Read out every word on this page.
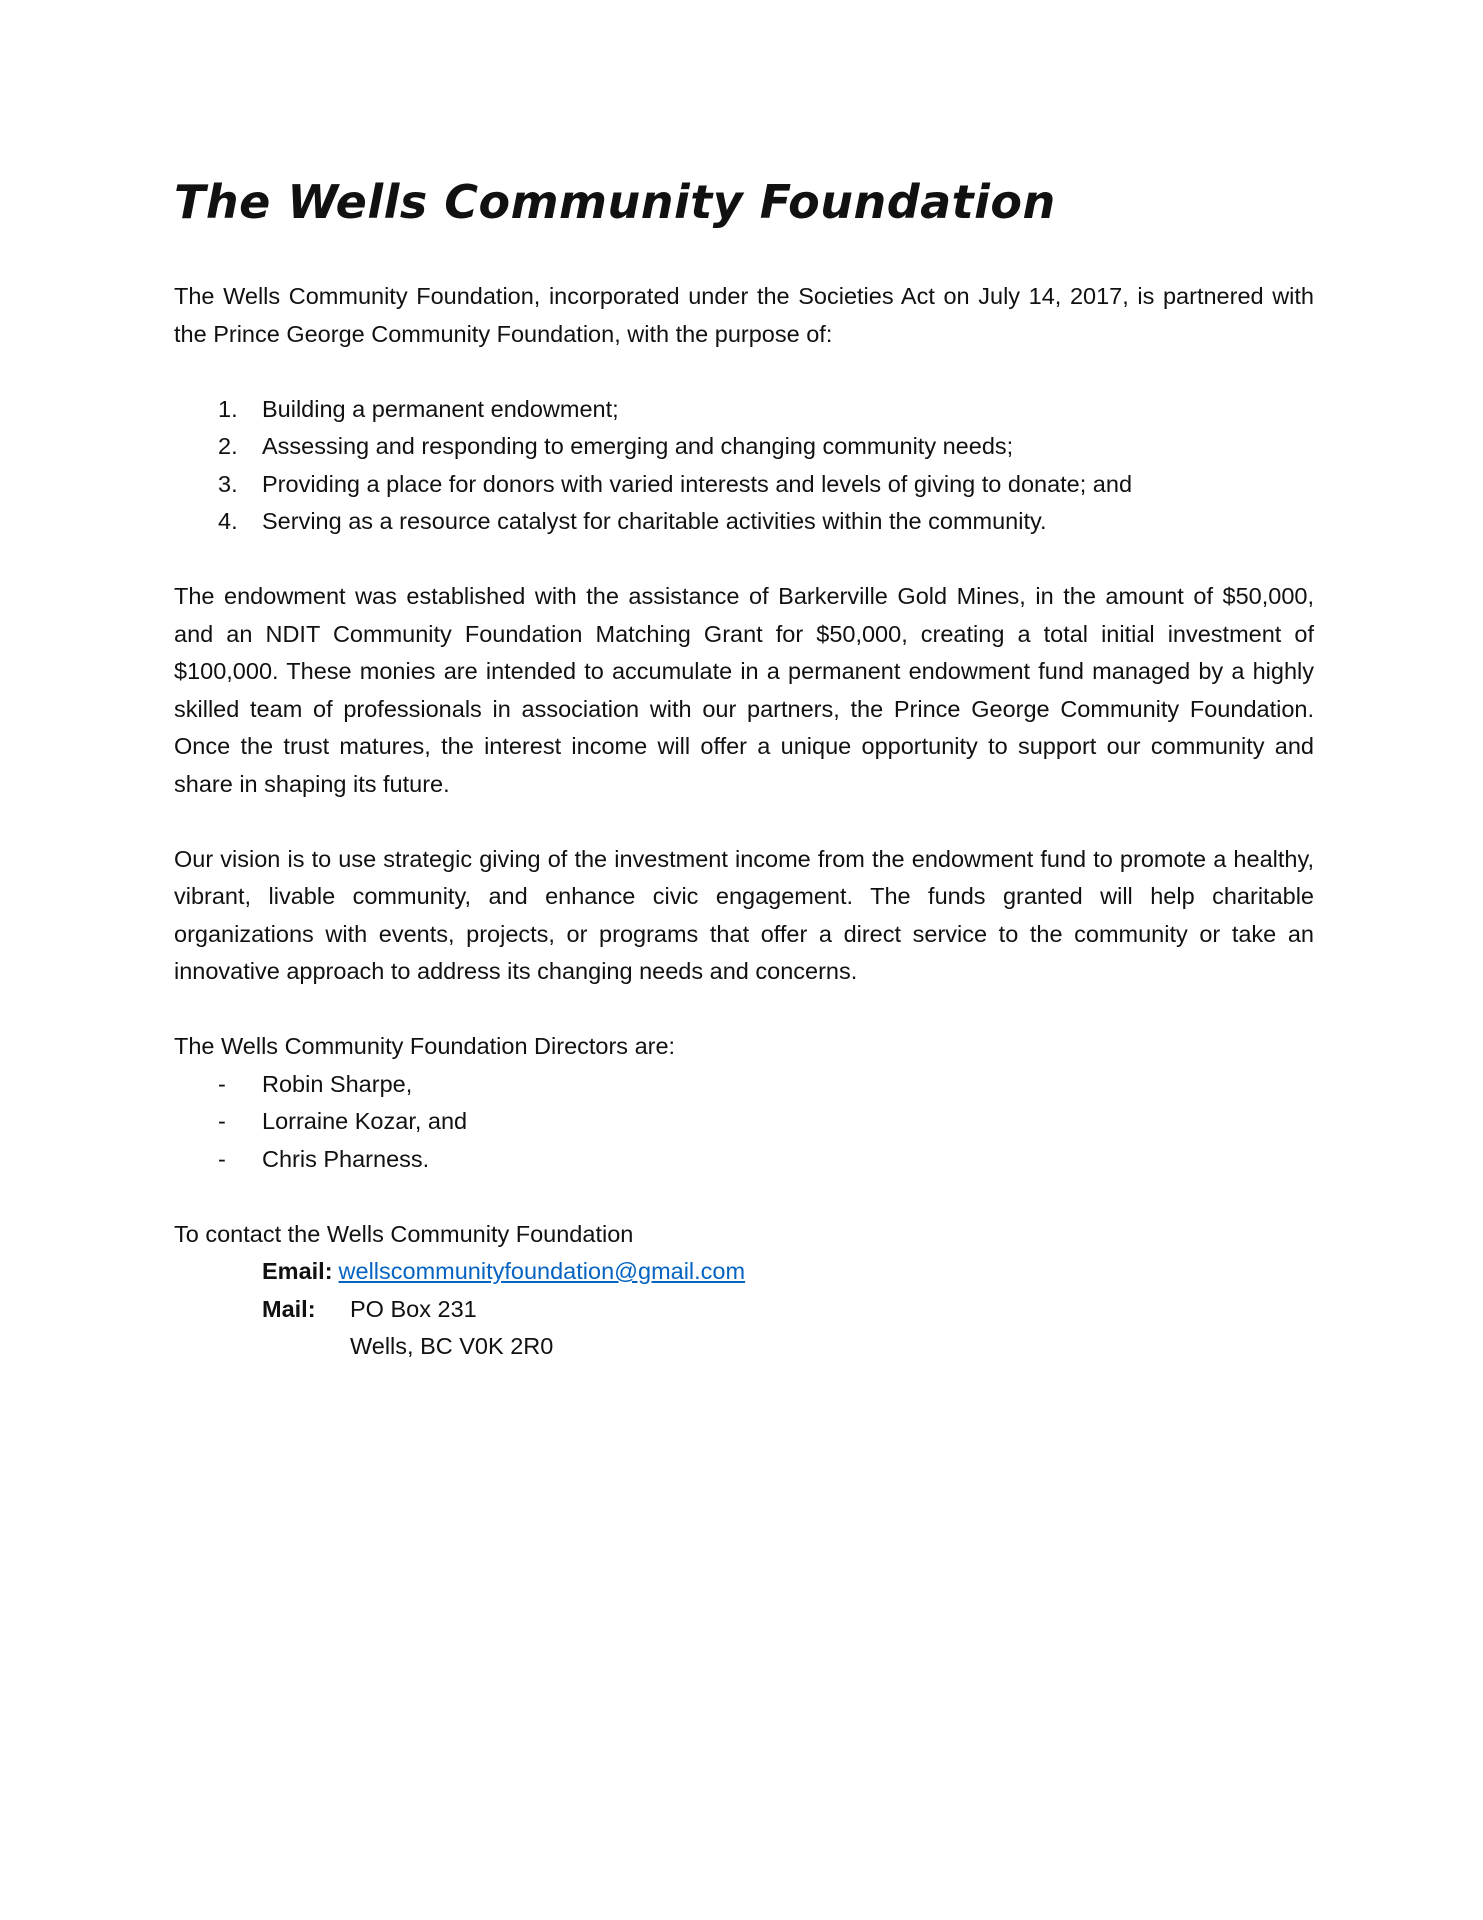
The Wells Community Foundation

The Wells Community Foundation, incorporated under the Societies Act on July 14, 2017, is partnered with the Prince George Community Foundation, with the purpose of:

1.	Building a permanent endowment;
2.	Assessing and responding to emerging and changing community needs;
3.	Providing a place for donors with varied interests and levels of giving to donate; and
4.	Serving as a resource catalyst for charitable activities within the community.

The endowment was established with the assistance of Barkerville Gold Mines, in the amount of $50,000, and an NDIT Community Foundation Matching Grant for $50,000, creating a total initial investment of $100,000. These monies are intended to accumulate in a permanent endowment fund managed by a highly skilled team of professionals in association with our partners, the Prince George Community Foundation. Once the trust matures, the interest income will offer a unique opportunity to support our community and share in shaping its future.

Our vision is to use strategic giving of the investment income from the endowment fund to promote a healthy, vibrant, livable community, and enhance civic engagement. The funds granted will help charitable organizations with events, projects, or programs that offer a direct service to the community or take an innovative approach to address its changing needs and concerns.

The Wells Community Foundation Directors are:
-	Robin Sharpe,
-	Lorraine Kozar, and
-	Chris Pharness.
To contact the Wells Community Foundation
Email: wellscommunityfoundation@gmail.com
Mail:	PO Box 231
Wells, BC V0K 2R0
